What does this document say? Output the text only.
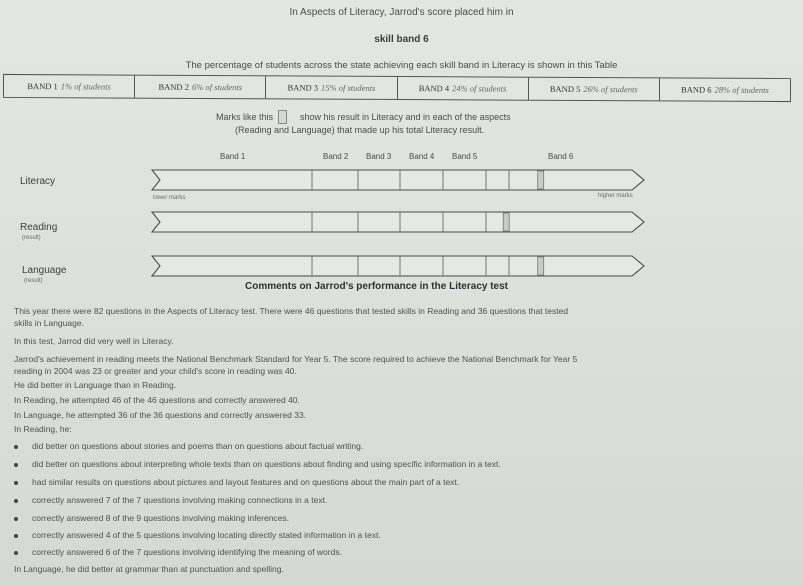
In Aspects of Literacy, Jarrod's score placed him in
skill band 6
The percentage of students across the state achieving each skill band in Literacy is shown in this Table
BAND 1 1% of students	BAND 2 6% of students	BAND 3 15% of students	BAND 4 24% of students	BAND 5 26% of students	BAND 6 28% of students
Marks like this	show his result in Literacy and in each of the aspects
(Reading and Language) that made up his total Literacy result.
Band 1	Band 2 Band 3 Band 4 Band 5	Band 6
Literacy
lower marks	higher marks
Reading
(result)
Language
(result)	Comments on Jarrod's performance in the Literacy test
This year there were 82 questions in the Aspects of Literacy test. There were 46 questions that tested skills in Reading and 36 questions that tested
skills in Language.
In this test, Jarrod did very well in Literacy.
Jarrod's achievement in reading meets the National Benchmark Standard for Year 5. The score required to achieve the National Benchmark for Year 5
reading in 2004 was 23 or greater and your child's score in reading was 40.
He did better in Language than in Reading.
In Reading, he attempted 46 of the 46 questions and correctly answered 40.
In Language, he attempted 36 of the 36 questions and correctly answered 33.
In Reading, he:
did better on questions about stories and poems than on questions about factual writing.
did better on questions about interpreting whole texts than on questions about finding and using specific information in a text.
had similar results on questions about pictures and layout features and on questions about the main part of a text.
correctly answered 7 of the 7 questions involving making connections in a text.
correctly answered 8 of the 9 questions involving making inferences.
correctly answered 4 of the 5 questions involving locating directly stated information in a text.
correctly answered 6 of the 7 questions involving identifying the meaning of words.
In Language, he did better at grammar than at punctuation and spelling.
